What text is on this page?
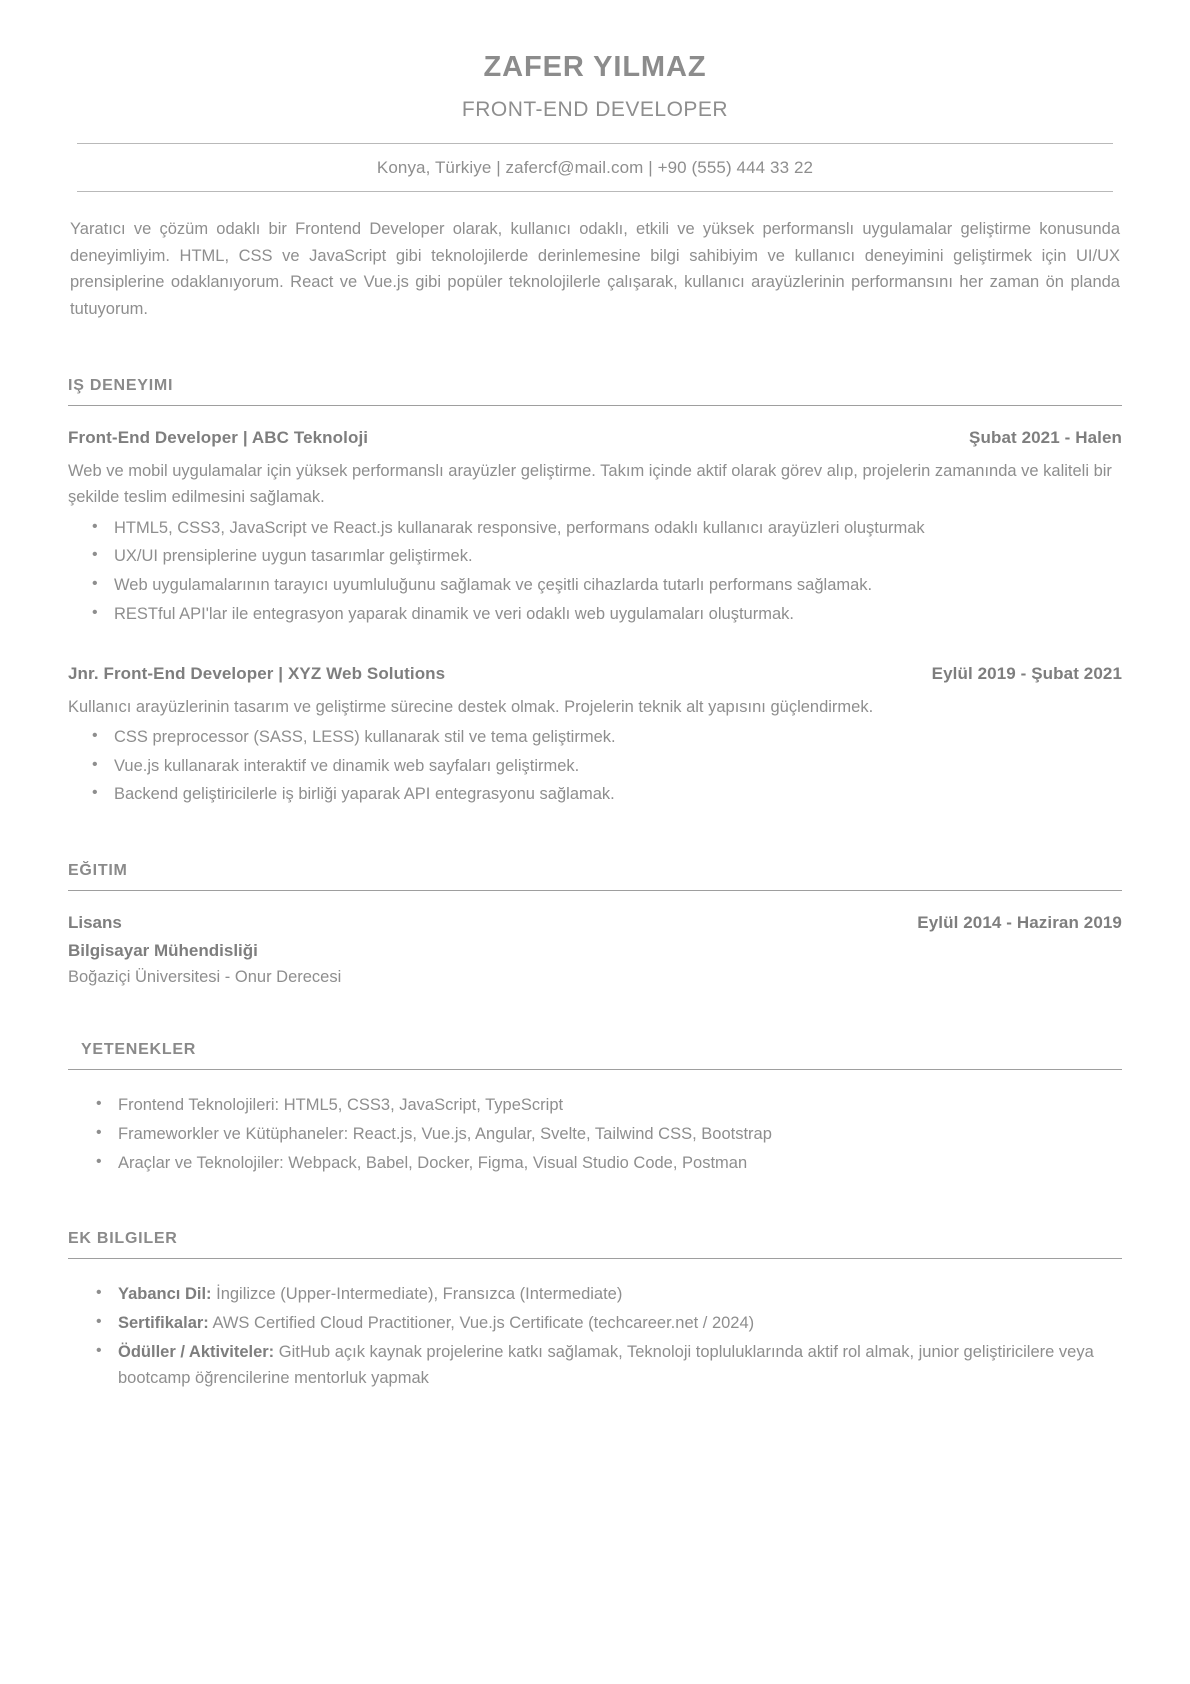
ZAFER YILMAZ
FRONT-END DEVELOPER
Konya, Türkiye | zafercf@mail.com | +90 (555) 444 33 22

Yaratıcı ve çözüm odaklı bir Frontend Developer olarak, kullanıcı odaklı, etkili ve yüksek performanslı uygulamalar geliştirme konusunda deneyimliyim. HTML, CSS ve JavaScript gibi teknolojilerde derinlemesine bilgi sahibiyim ve kullanıcı deneyimini geliştirmek için UI/UX prensiplerine odaklanıyorum. React ve Vue.js gibi popüler teknolojilerle çalışarak, kullanıcı arayüzlerinin performansını her zaman ön planda tutuyorum.

IŞ DENEYIMI
Front-End Developer | ABC Teknoloji	Şubat 2021 - Halen

Web ve mobil uygulamalar için yüksek performanslı arayüzler geliştirme. Takım içinde aktif olarak görev alıp, projelerin zamanında ve kaliteli bir şekilde teslim edilmesini sağlamak.

• HTML5, CSS3, JavaScript ve React.js kullanarak responsive, performans odaklı kullanıcı arayüzleri oluşturmak
• UX/UI prensiplerine uygun tasarımlar geliştirmek.
• Web uygulamalarının tarayıcı uyumluluğunu sağlamak ve çeşitli cihazlarda tutarlı performans sağlamak.
• RESTful API'lar ile entegrasyon yaparak dinamik ve veri odaklı web uygulamaları oluşturmak.
Jnr. Front-End Developer | XYZ Web Solutions	Eylül 2019 - Şubat 2021

Kullanıcı arayüzlerinin tasarım ve geliştirme sürecine destek olmak. Projelerin teknik alt yapısını güçlendirmek.

• CSS preprocessor (SASS, LESS) kullanarak stil ve tema geliştirmek.
• Vue.js kullanarak interaktif ve dinamik web sayfaları geliştirmek.
• Backend geliştiricilerle iş birliği yaparak API entegrasyonu sağlamak.
EĞITIM
Lisans	Eylül 2014 - Haziran 2019
Bilgisayar Mühendisliği
Boğaziçi Üniversitesi - Onur Derecesi
YETENEKLER
• Frontend Teknolojileri: HTML5, CSS3, JavaScript, TypeScript
• Frameworkler ve Kütüphaneler: React.js, Vue.js, Angular, Svelte, Tailwind CSS, Bootstrap
• Araçlar ve Teknolojiler: Webpack, Babel, Docker, Figma, Visual Studio Code, Postman
EK BILGILER
• Yabancı Dil: İngilizce (Upper-Intermediate), Fransızca (Intermediate)
• Sertifikalar: AWS Certified Cloud Practitioner, Vue.js Certificate (techcareer.net / 2024)
• Ödüller / Aktiviteler: GitHub açık kaynak projelerine katkı sağlamak, Teknoloji topluluklarında aktif rol almak, junior geliştiricilere veya bootcamp öğrencilerine mentorluk yapmak
